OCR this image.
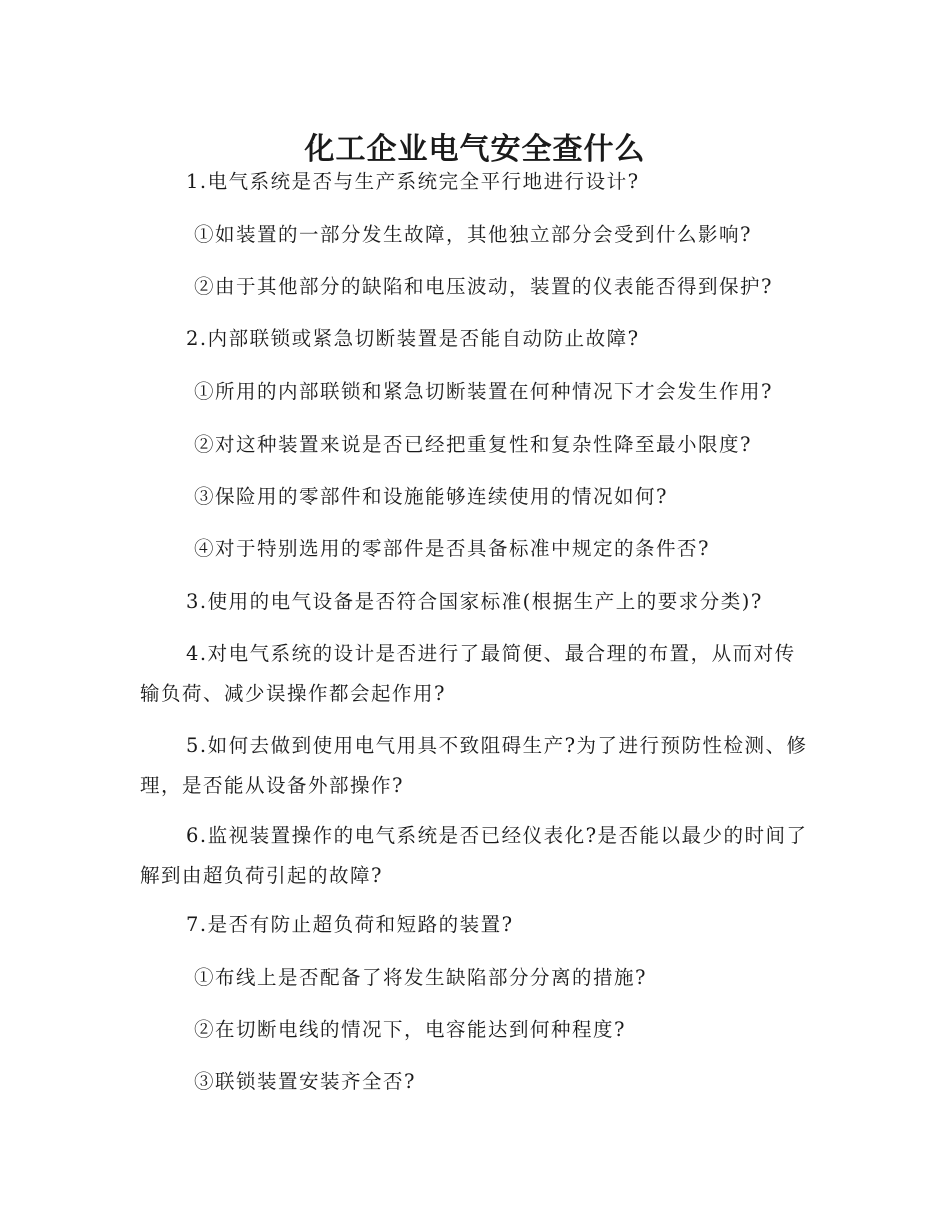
化工企业电气安全查什么

1.电气系统是否与生产系统完全平行地进行设计?

①如装置的一部分发生故障，其他独立部分会受到什么影响?

②由于其他部分的缺陷和电压波动，装置的仪表能否得到保护?

2.内部联锁或紧急切断装置是否能自动防止故障?

①所用的内部联锁和紧急切断装置在何种情况下才会发生作用?

②对这种装置来说是否已经把重复性和复杂性降至最小限度?

③保险用的零部件和设施能够连续使用的情况如何?

④对于特别选用的零部件是否具备标准中规定的条件否?

3.使用的电气设备是否符合国家标准(根据生产上的要求分类)?

4.对电气系统的设计是否进行了最简便、最合理的布置，从而对传输负荷、减少误操作都会起作用?

5.如何去做到使用电气用具不致阻碍生产?为了进行预防性检测、修理，是否能从设备外部操作?

6.监视装置操作的电气系统是否已经仪表化?是否能以最少的时间了解到由超负荷引起的故障?

7.是否有防止超负荷和短路的装置?

①布线上是否配备了将发生缺陷部分分离的措施?

②在切断电线的情况下，电容能达到何种程度?

③联锁装置安装齐全否?
